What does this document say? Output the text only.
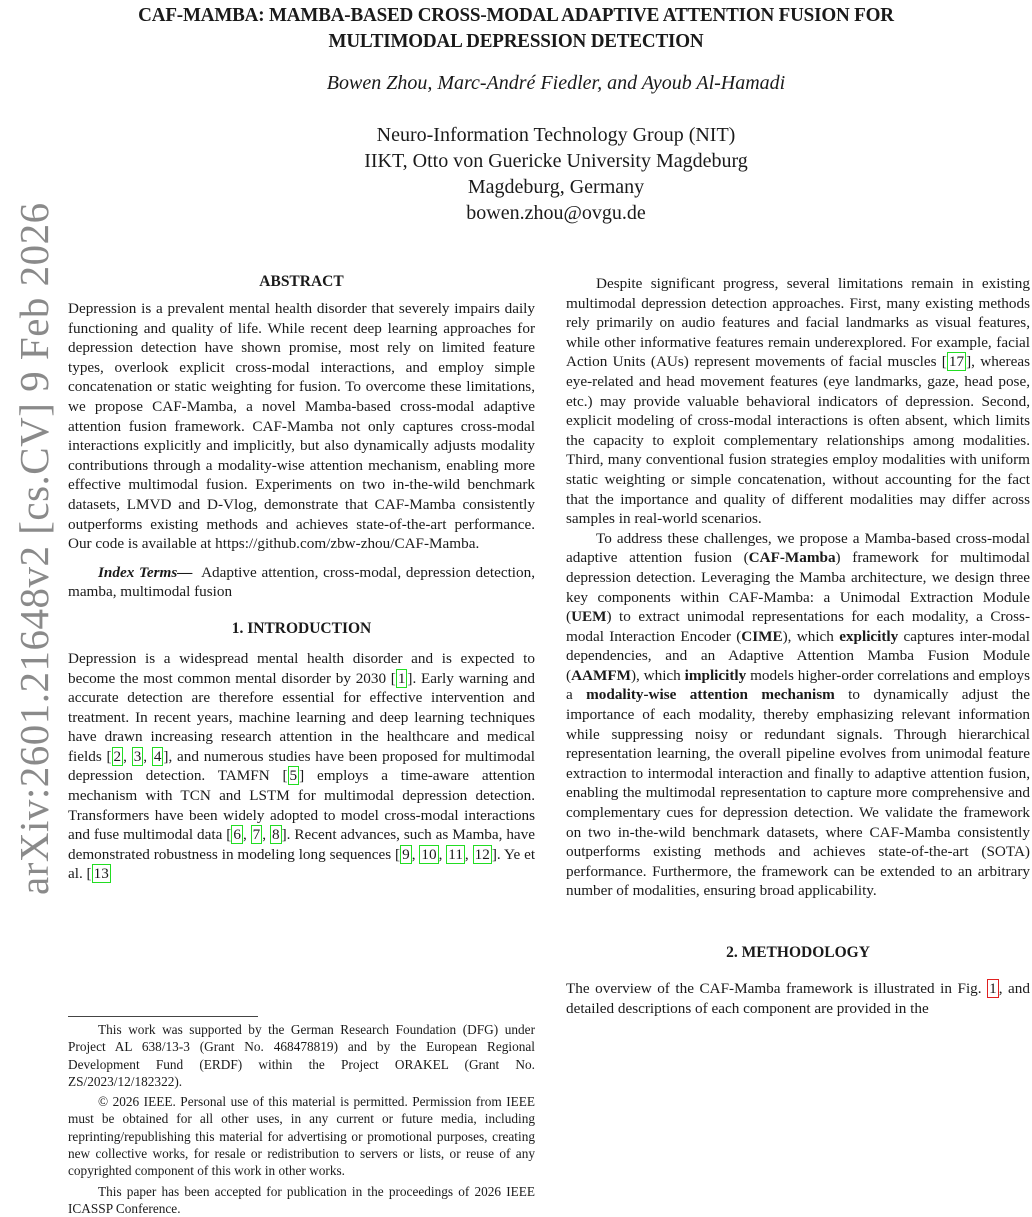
CAF-MAMBA: MAMBA-BASED CROSS-MODAL ADAPTIVE ATTENTION FUSION FOR
MULTIMODAL DEPRESSION DETECTION
Bowen Zhou, Marc-André Fiedler, and Ayoub Al-Hamadi
Neuro-Information Technology Group (NIT)
IIKT, Otto von Guericke University Magdeburg
Magdeburg, Germany
bowen.zhou@ovgu.de
arXiv:2601.21648v2 [cs.CV] 9 Feb 2026	ABSTRACT

Depression is a prevalent mental health disorder that severely impairs daily functioning and quality of life. While recent deep learning approaches for depression detection have shown promise, most rely on limited feature types, overlook explicit cross-modal interactions, and employ simple concatenation or static weighting for fusion. To overcome these limitations, we propose CAF-Mamba, a novel Mamba-based cross-modal adaptive attention fusion framework. CAF-Mamba not only captures cross-modal interactions explicitly and implicitly, but also dynamically adjusts modality contributions through a modality-wise attention mechanism, enabling more effective multimodal fusion. Experiments on two in-the-wild benchmark datasets, LMVD and D-Vlog, demonstrate that CAF-Mamba consistently outperforms existing methods and achieves state-of-the-art performance. Our code is available at https://github.com/zbw-zhou/CAF-Mamba.

Index Terms— Adaptive attention, cross-modal, depression detection, mamba, multimodal fusion

1. INTRODUCTION

Depression is a widespread mental health disorder and is expected to become the most common mental disorder by 2030 [ 1 ]. Early warning and accurate detection are therefore essential for effective intervention and treatment. In recent years, machine learning and deep learning techniques have drawn increasing research attention in the healthcare and medical fields [ 2 , 3 , 4 ], and numerous studies have been proposed for multimodal depression detection. TAMFN [ 5 ] employs a time-aware attention mechanism with TCN and LSTM for multimodal depression detection. Transformers have been widely adopted to model cross-modal interactions and fuse multimodal data [ 6 , 7 , 8 ]. Recent advances, such as Mamba, have demonstrated robustness in modeling long sequences [ 9 , 10 , 11 , 12 ]. Ye et al. [ 13

This work was supported by the German Research Foundation (DFG) under Project AL 638/13-3 (Grant No. 468478819) and by the European Regional Development Fund (ERDF) within the Project ORAKEL (Grant No. ZS/2023/12/182322).

© 2026 IEEE. Personal use of this material is permitted. Permission from IEEE must be obtained for all other uses, in any current or future media, including reprinting/republishing this material for advertising or promotional purposes, creating new collective works, for resale or redistribution to servers or lists, or reuse of any copyrighted component of this work in other works.

This paper has been accepted for publication in the proceedings of 2026 IEEE ICASSP Conference.

Despite significant progress, several limitations remain in existing multimodal depression detection approaches. First, many existing methods rely primarily on audio features and facial landmarks as visual features, while other informative features remain underexplored. For example, facial Action Units (AUs) represent movements of facial muscles [ 17 ], whereas eye-related and head movement features (eye landmarks, gaze, head pose, etc.) may provide valuable behavioral indicators of depression. Second, explicit modeling of cross-modal interactions is often absent, which limits the capacity to exploit complementary relationships among modalities. Third, many conventional fusion strategies employ modalities with uniform static weighting or simple concatenation, without accounting for the fact that the importance and quality of different modalities may differ across samples in real-world scenarios.

To address these challenges, we propose a Mamba-based cross-modal adaptive attention fusion (CAF-Mamba) framework for multimodal depression detection. Leveraging the Mamba architecture, we design three key components within CAF-Mamba: a Unimodal Extraction Module (UEM) to extract unimodal representations for each modality, a Cross-modal Interaction Encoder (CIME), which explicitly captures inter-modal dependencies, and an Adaptive Attention Mamba Fusion Module (AAMFM), which implicitly models higher-order correlations and employs a modality-wise attention mechanism to dynamically adjust the importance of each modality, thereby emphasizing relevant information while suppressing noisy or redundant signals. Through hierarchical representation learning, the overall pipeline evolves from unimodal feature extraction to intermodal interaction and finally to adaptive attention fusion, enabling the multimodal representation to capture more comprehensive and complementary cues for depression detection. We validate the framework on two in-the-wild benchmark datasets, where CAF-Mamba consistently outperforms existing methods and achieves state-of-the-art (SOTA) performance. Furthermore, the framework can be extended to an arbitrary number of modalities, ensuring broad applicability.

2. METHODOLOGY

The overview of the CAF-Mamba framework is illustrated in Fig. 1 , and detailed descriptions of each component are provided in the
